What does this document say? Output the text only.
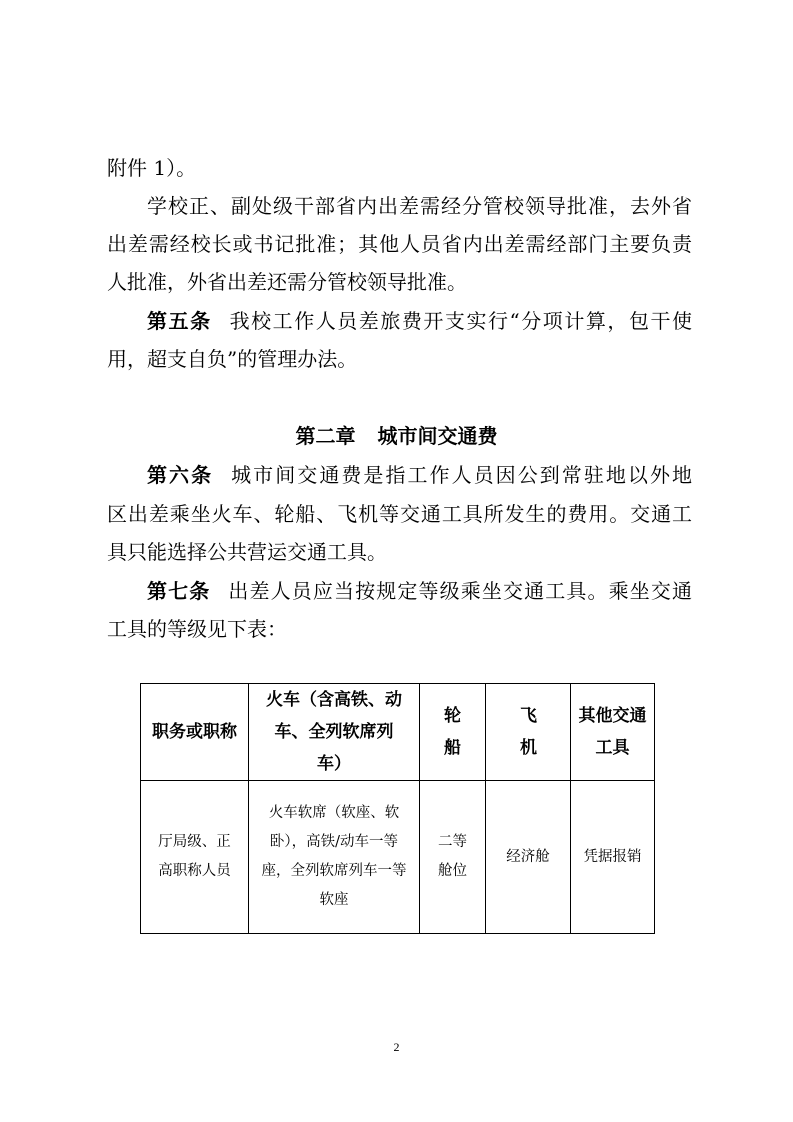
附件 1）。
学校正、副处级干部省内出差需经分管校领导批准，去外省
出差需经校长或书记批准；其他人员省内出差需经部门主要负责
人批准，外省出差还需分管校领导批准。
第五条 我校工作人员差旅费开支实行“分项计算，包干使
用，超支自负”的管理办法。
第二章 城市间交通费
第六条 城市间交通费是指工作人员因公到常驻地以外地
区出差乘坐火车、轮船、飞机等交通工具所发生的费用。交通工
具只能选择公共营运交通工具。
第七条 出差人员应当按规定等级乘坐交通工具。乘坐交通
工具的等级见下表：
职务或职称	火车（含高铁、动车、全列软席列车）	轮船	飞机	其他交通工具
厅局级、正高职称人员	火车软席（软座、软卧），高铁/动车一等座，全列软席列车一等软座	二等舱位	经济舱	凭据报销
2
